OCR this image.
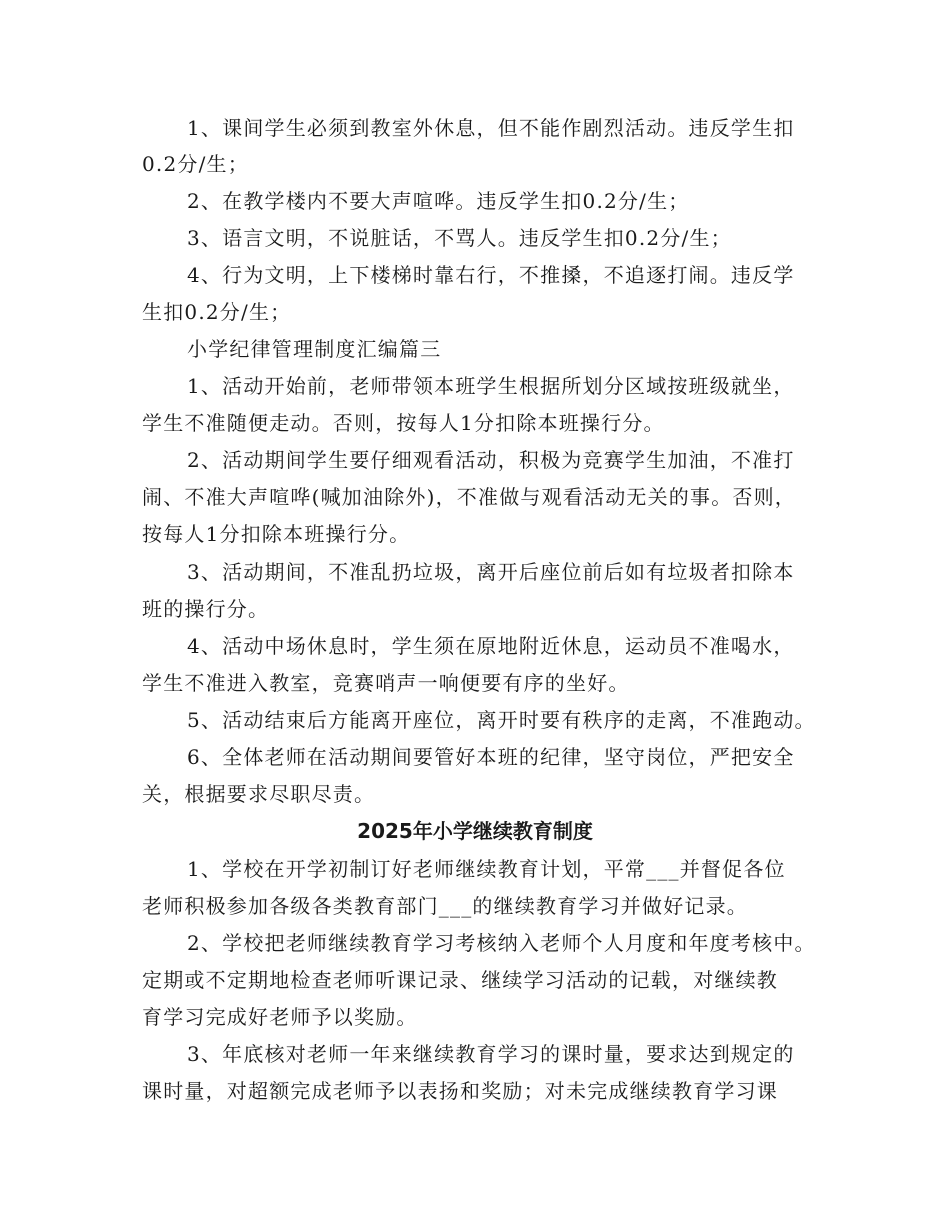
1、课间学生必须到教室外休息，但不能作剧烈活动。违反学生扣
0.2分/生；
2、在教学楼内不要大声喧哗。违反学生扣0.2分/生；
3、语言文明，不说脏话，不骂人。违反学生扣0.2分/生；
4、行为文明，上下楼梯时靠右行，不推搡，不追逐打闹。违反学
生扣0.2分/生；
小学纪律管理制度汇编篇三
1、活动开始前，老师带领本班学生根据所划分区域按班级就坐，
学生不准随便走动。否则，按每人1分扣除本班操行分。
2、活动期间学生要仔细观看活动，积极为竞赛学生加油，不准打
闹、不准大声喧哗(喊加油除外)，不准做与观看活动无关的事。否则，
按每人1分扣除本班操行分。
3、活动期间，不准乱扔垃圾，离开后座位前后如有垃圾者扣除本
班的操行分。
4、活动中场休息时，学生须在原地附近休息，运动员不准喝水，
学生不准进入教室，竞赛哨声一响便要有序的坐好。
5、活动结束后方能离开座位，离开时要有秩序的走离，不准跑动。
6、全体老师在活动期间要管好本班的纪律，坚守岗位，严把安全
关，根据要求尽职尽责。
2025年小学继续教育制度
1、学校在开学初制订好老师继续教育计划，平常___并督促各位
老师积极参加各级各类教育部门___的继续教育学习并做好记录。
2、学校把老师继续教育学习考核纳入老师个人月度和年度考核中。
定期或不定期地检查老师听课记录、继续学习活动的记载，对继续教
育学习完成好老师予以奖励。
3、年底核对老师一年来继续教育学习的课时量，要求达到规定的
课时量，对超额完成老师予以表扬和奖励；对未完成继续教育学习课
